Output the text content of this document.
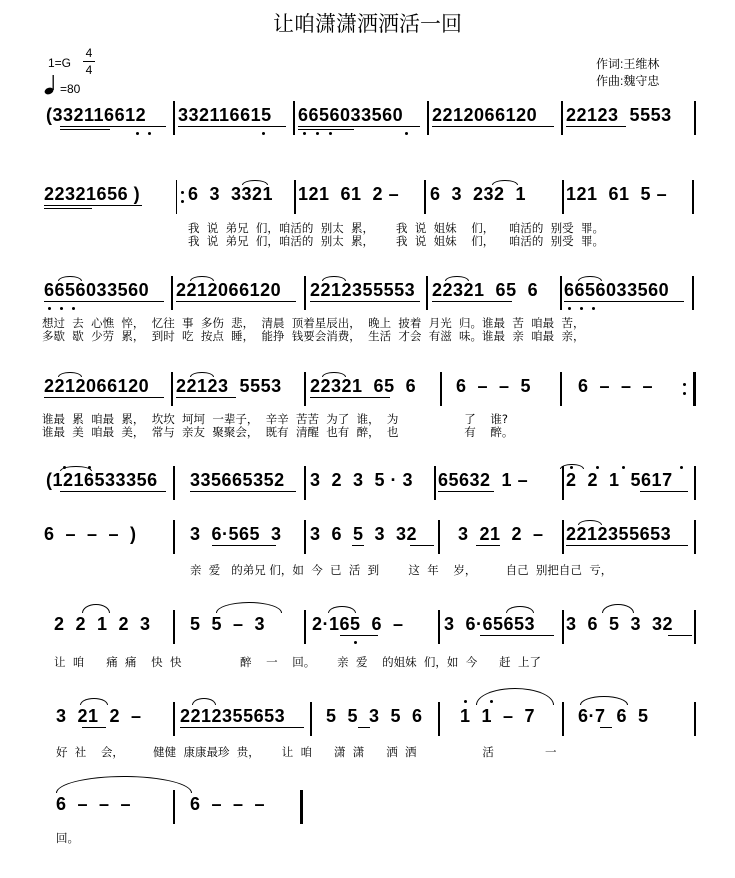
让咱潇潇洒洒活一回
1=G
4
4
=80
作词:王维林
作曲:魏守忠
(332116612 332116615 6656033560 2212066120 22123  5553
22321656 )	6  3  3321 121  61  2 – 6  3  232  1 121  61  5 –
我  说  弟兄  们，咱活的  别太  累，      我  说  姐妹    们，    咱活的  别受  罪。
我  说  弟兄  们，咱活的  别太  累，      我  说  姐妹    们，    咱活的  别受  罪。
6656033560 2212066120 2212355553 22321  65  6 6656033560
想过  去  心憔  悴，  忆往  事  多伤  悲，  清晨  顶着星辰出，  晚上  披着  月光  归。谁最  苦  咱最  苦，
多歇  歇  少劳  累，  到时  吃  按点  睡，  能挣  钱要会消费，  生活  才会  有滋  味。谁最  亲  咱最  亲，
2212066120 22123  5553 22321  65  6 6  –  –  5	6  –  –  –
谁最  累  咱最  累，  坎坎  坷坷  一辈子，  辛辛  苦苦  为了  谁，  为                  了    谁?
谁最  美  咱最  美，  常与  亲友  聚聚会，  既有  清醒  也有  醉，  也                  有    醉。
(1216533356 335665352 3  2  3  5 · 3 65632  1 – 2  2  1  5617
6  –  –  –  )	3  6·565  3 3  6  5  3  32 3  21  2  – 2212355653
亲  爱   的弟兄 们，如  今  已  活  到        这  年    岁，        自己  别把自己  亏，
2  2  1  2  3 5  5  –  3	2·165  6  – 3  6·65653 3  6  5  3  32
让  咱      痛  痛    快  快                醉    一    回。      亲  爱    的姐妹  们，如  今      赶  上了
3  21  2  – 2212355653 5  5  3  5  6 1  1  –  7 6·7  6  5
好  社    会，        健健  康康最珍  贵，      让  咱      潇  潇      洒  洒                  活              一
6  –  –  –	6  –  –  –
回。
